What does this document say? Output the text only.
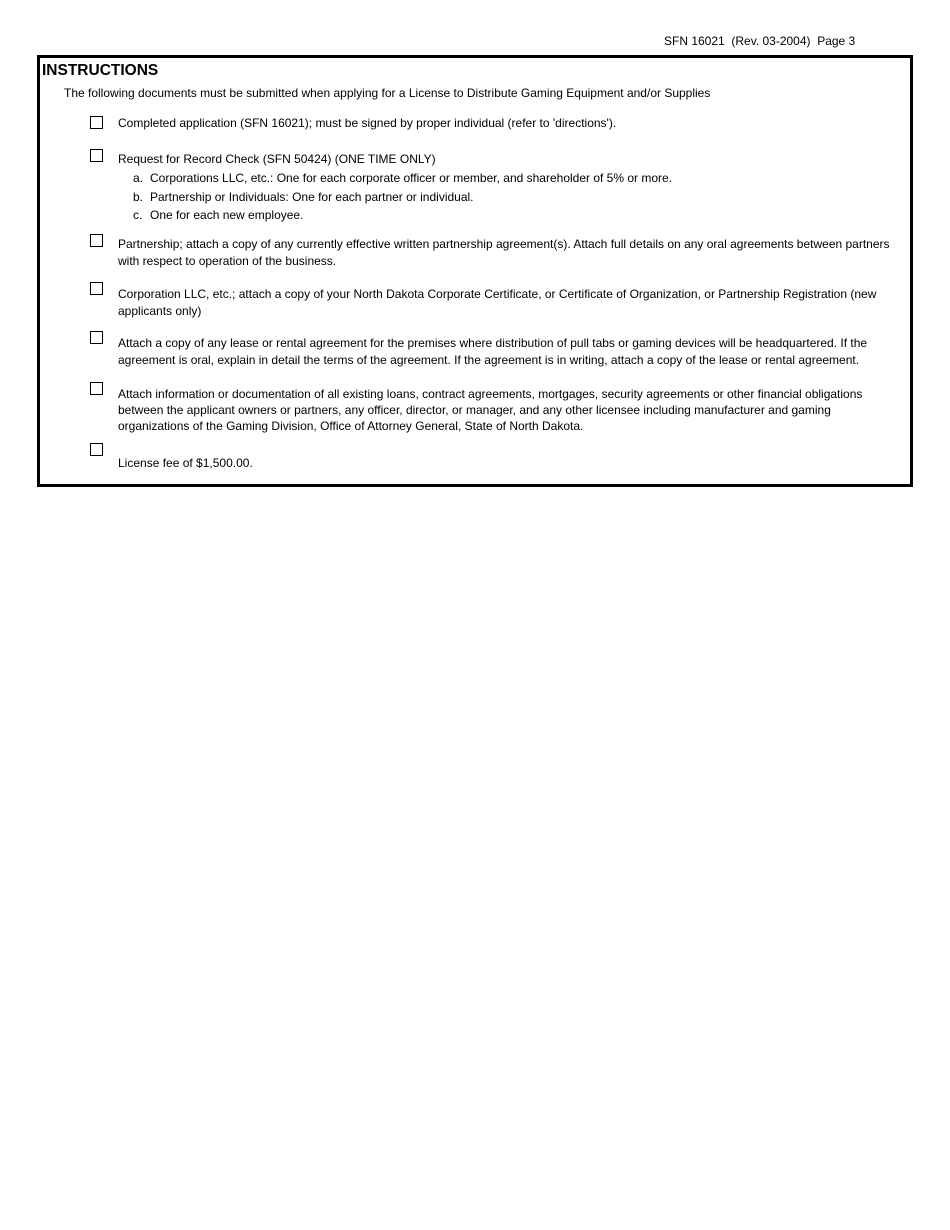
SFN 16021  (Rev. 03-2004)  Page 3
INSTRUCTIONS
The following documents must be submitted when applying for a License to Distribute Gaming Equipment and/or Supplies
Completed application (SFN 16021); must be signed by proper individual (refer to 'directions').
Request for Record Check (SFN 50424) (ONE TIME ONLY)
a. Corporations LLC, etc.: One for each corporate officer or member, and shareholder of 5% or more.
b. Partnership or Individuals: One for each partner or individual.
c. One for each new employee.
Partnership; attach a copy of any currently effective written partnership agreement(s). Attach full details on any oral agreements between partners with respect to operation of the business.
Corporation LLC, etc.; attach a copy of your North Dakota Corporate Certificate, or Certificate of Organization, or Partnership Registration (new applicants only)
Attach a copy of any lease or rental agreement for the premises where distribution of pull tabs or gaming devices will be headquartered. If the agreement is oral, explain in detail the terms of the agreement. If the agreement is in writing, attach a copy of the lease or rental agreement.
Attach information or documentation of all existing loans, contract agreements, mortgages, security agreements or other financial obligations between the applicant owners or partners, any officer, director, or manager, and any other licensee including manufacturer and gaming organizations of the Gaming Division, Office of Attorney General, State of North Dakota.
License fee of $1,500.00.
